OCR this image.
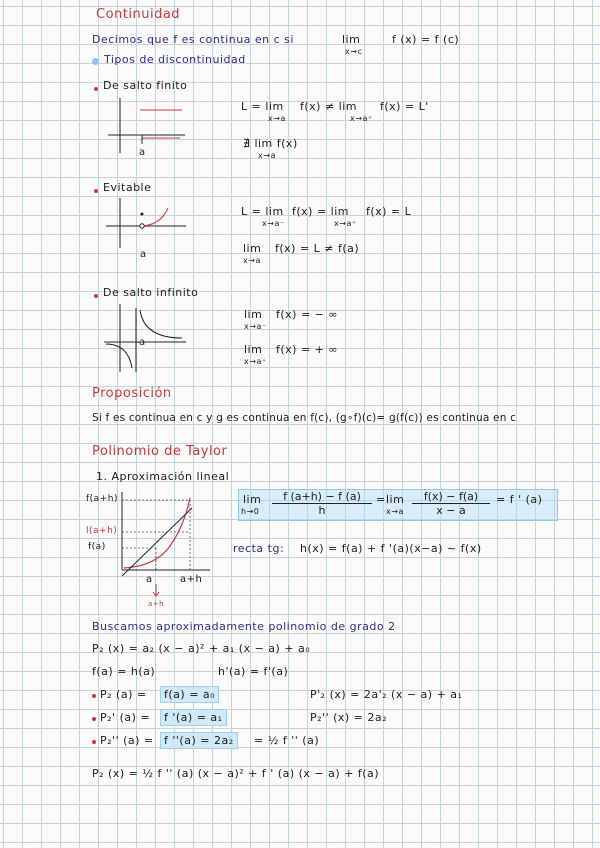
Continuidad
Decimos que f es continua en c si	lim
x→c
f (x) = f (c)
Tipos de discontinuidad
De salto finito
a
L = lim
x→a
f(x) ≠ lim
x→a⁺
f(x) = L'
∄ lim f(x)
x→a
Evitable
a
L = lim
x→a⁻
f(x) = lim
x→a⁺
f(x) = L
lim
x→a
f(x) = L ≠ f(a)
De salto infinito
a
lim
x→a⁻
f(x) = − ∞
lim
x→a⁺
f(x) = + ∞
Proposición
Si f es continua en c y g es continua en f(c), (g∘f)(c)= g(f(c)) es continua en c
Polinomio de Taylor
1. Aproximación lineal
f(a+h)
l(a+h)
f(a)
a	a+h
a+h
lim
$h\to 0 \frac{f (a+h) - f (a)}{h} = \lim$
$x\to a \frac{f(x) - f(a)}{x - a} = f$ ' (a)
recta tg: h(x) = f(a) + f '(a)(x−a) ∼ f(x)
Buscamos aproximadamente polinomio de grado 2
P₂ (x) = a₂ (x − a)² + a₁ (x − a) + a₀
f(a) = h(a)	h'(a) = f'(a)
P₂ (a) =	f(a) = a₀	P'₂ (x) = 2a'₂ (x − a) + a₁
P₂' (a) =	f '(a) = a₁	P₂'' (x) = 2a₂
P₂'' (a) = f ''(a) = 2a₂	= ½ f '' (a)
P₂ (x) = ½ f '' (a) (x − a)² + f ' (a) (x − a) + f(a)
